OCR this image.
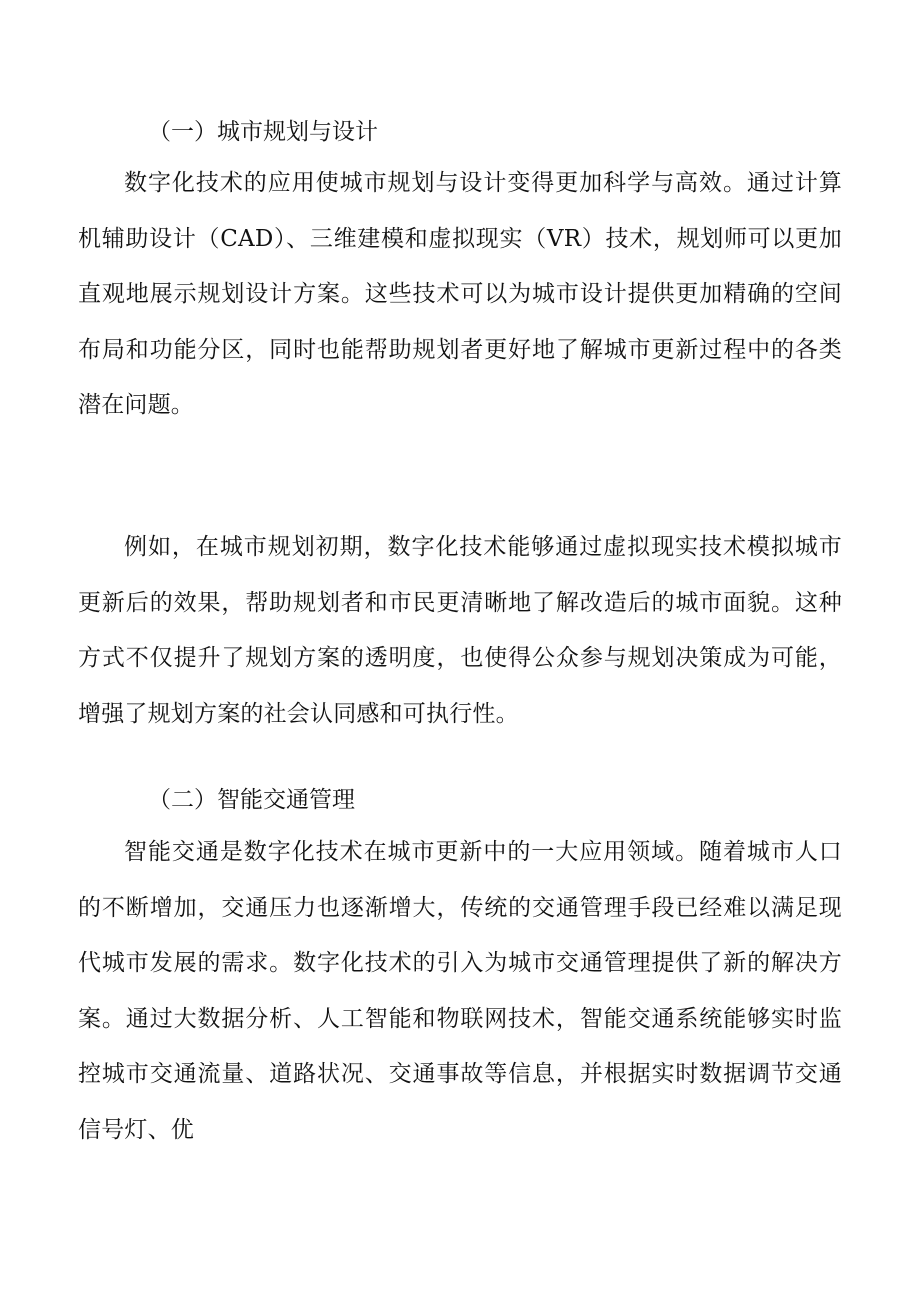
（一）城市规划与设计

数字化技术的应用使城市规划与设计变得更加科学与高效。通过计算机辅助设计（CAD）、三维建模和虚拟现实（VR）技术，规划师可以更加直观地展示规划设计方案。这些技术可以为城市设计提供更加精确的空间布局和功能分区，同时也能帮助规划者更好地了解城市更新过程中的各类潜在问题。

例如，在城市规划初期，数字化技术能够通过虚拟现实技术模拟城市更新后的效果，帮助规划者和市民更清晰地了解改造后的城市面貌。这种方式不仅提升了规划方案的透明度，也使得公众参与规划决策成为可能，增强了规划方案的社会认同感和可执行性。

（二）智能交通管理

智能交通是数字化技术在城市更新中的一大应用领域。随着城市人口的不断增加，交通压力也逐渐增大，传统的交通管理手段已经难以满足现代城市发展的需求。数字化技术的引入为城市交通管理提供了新的解决方案。通过大数据分析、人工智能和物联网技术，智能交通系统能够实时监控城市交通流量、道路状况、交通事故等信息，并根据实时数据调节交通信号灯、优
